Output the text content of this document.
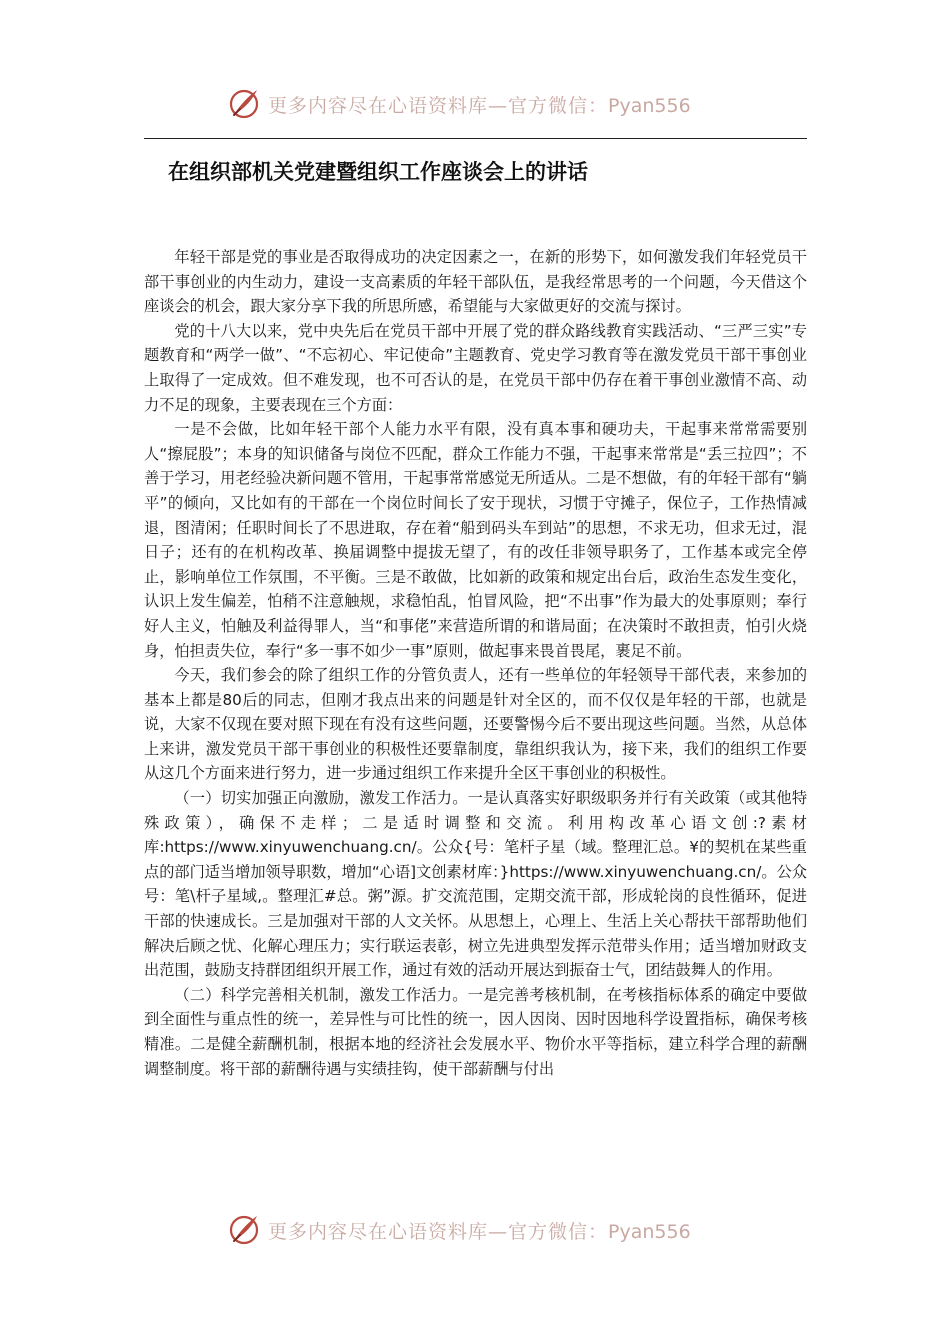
更多内容尽在心语资料库—官方微信：Pyan556
在组织部机关党建暨组织工作座谈会上的讲话

年轻干部是党的事业是否取得成功的决定因素之一，在新的形势下，如何激发我们年轻党员干部干事创业的内生动力，建设一支高素质的年轻干部队伍，是我经常思考的一个问题，今天借这个座谈会的机会，跟大家分享下我的所思所感，希望能与大家做更好的交流与探讨。

党的十八大以来，党中央先后在党员干部中开展了党的群众路线教育实践活动、“三严三实”专题教育和“两学一做”、“不忘初心、牢记使命”主题教育、党史学习教育等在激发党员干部干事创业上取得了一定成效。但不难发现，也不可否认的是，在党员干部中仍存在着干事创业激情不高、动力不足的现象，主要表现在三个方面：

一是不会做，比如年轻干部个人能力水平有限，没有真本事和硬功夫，干起事来常常需要别人“擦屁股”；本身的知识储备与岗位不匹配，群众工作能力不强，干起事来常常是“丢三拉四”；不善于学习，用老经验决新问题不管用，干起事常常感觉无所适从。二是不想做，有的年轻干部有“躺平”的倾向，又比如有的干部在一个岗位时间长了安于现状，习惯于守摊子，保位子，工作热情减退，图清闲；任职时间长了不思进取，存在着“船到码头车到站”的思想，不求无功，但求无过，混日子；还有的在机构改革、换届调整中提拔无望了，有的改任非领导职务了，工作基本或完全停止，影响单位工作氛围，不平衡。三是不敢做，比如新的政策和规定出台后，政治生态发生变化，认识上发生偏差，怕稍不注意触规，求稳怕乱，怕冒风险，把“不出事”作为最大的处事原则；奉行好人主义，怕触及利益得罪人，当“和事佬”来营造所谓的和谐局面；在决策时不敢担责，怕引火烧身，怕担责失位，奉行“多一事不如少一事”原则，做起事来畏首畏尾，裹足不前。

今天，我们参会的除了组织工作的分管负责人，还有一些单位的年轻领导干部代表，来参加的基本上都是80后的同志，但刚才我点出来的问题是针对全区的，而不仅仅是年轻的干部，也就是说，大家不仅现在要对照下现在有没有这些问题，还要警惕今后不要出现这些问题。当然，从总体上来讲，激发党员干部干事创业的积极性还要靠制度，靠组织我认为，接下来，我们的组织工作要从这几个方面来进行努力，进一步通过组织工作来提升全区干事创业的积极性。

（一）切实加强正向激励，激发工作活力。一是认真落实好职级职务并行有关政策（或其他特殊政策），确保不走样；二是适时调整和交流。利用构改革心语文创:?素材库:https://www.xinyuwenchuang.cn/。公众{号：笔杆子星（域。整理汇总。¥的契机在某些重点的部门适当增加领导职数，增加“心语]文创素材库：}https://www.xinyuwenchuang.cn/。公众号：笔\杆子星域,。整理汇#总。粥”源。扩交流范围，定期交流干部，形成轮岗的良性循环，促进干部的快速成长。三是加强对干部的人文关怀。从思想上，心理上、生活上关心帮扶干部帮助他们解决后顾之忧、化解心理压力；实行联运表彰，树立先进典型发挥示范带头作用；适当增加财政支出范围，鼓励支持群团组织开展工作，通过有效的活动开展达到振奋士气，团结鼓舞人的作用。

（二）科学完善相关机制，激发工作活力。一是完善考核机制，在考核指标体系的确定中要做到全面性与重点性的统一，差异性与可比性的统一，因人因岗、因时因地科学设置指标，确保考核精准。二是健全薪酬机制，根据本地的经济社会发展水平、物价水平等指标，建立科学合理的薪酬调整制度。将干部的薪酬待遇与实绩挂钩，使干部薪酬与付出

更多内容尽在心语资料库—官方微信：Pyan556
